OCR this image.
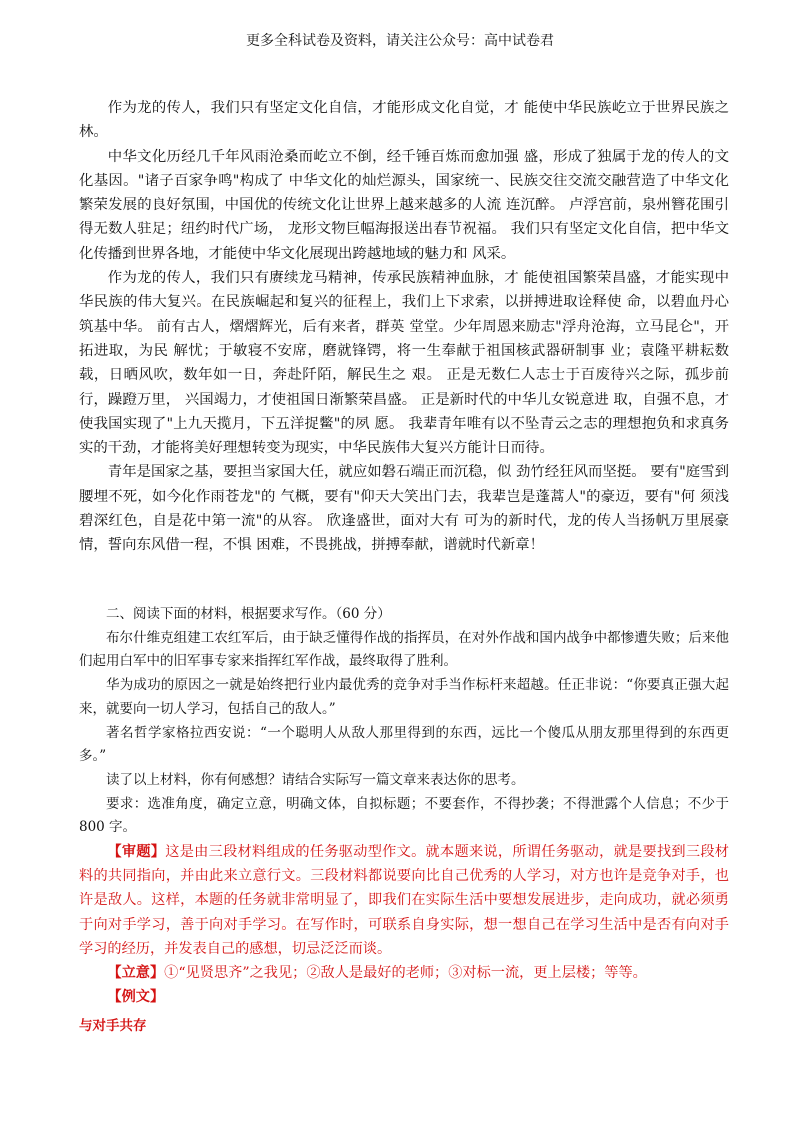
更多全科试卷及资料，请关注公众号：高中试卷君

作为龙的传人，我们只有坚定文化自信，才能形成文化自觉，才 能使中华民族屹立于世界民族之林。

中华文化历经几千年风雨沧桑而屹立不倒，经千锤百炼而愈加强 盛，形成了独属于龙的传人的文化基因。"诸子百家争鸣"构成了 中华文化的灿烂源头，国家统一、民族交往交流交融营造了中华文化繁荣发展的良好氛围，中国优的传统文化让世界上越来越多的人流 连沉醉。 卢浮宫前，泉州簪花围引得无数人驻足；纽约时代广场， 龙形文物巨幅海报送出春节祝福。 我们只有坚定文化自信，把中华文化传播到世界各地，才能使中华文化展现出跨越地域的魅力和 风采。

作为龙的传人，我们只有赓续龙马精神，传承民族精神血脉，才 能使祖国繁荣昌盛，才能实现中华民族的伟大复兴。在民族崛起和复兴的征程上，我们上下求索，以拼搏进取诠释使 命，以碧血丹心筑基中华。 前有古人，熠熠辉光，后有来者，群英 堂堂。少年周恩来励志"浮舟沧海，立马昆仑"，开拓进取，为民 解忧；于敏寝不安席，磨就锋锷，将一生奉献于祖国核武器研制事 业；袁隆平耕耘数载，日晒风吹，数年如一日，奔赴阡陌，解民生之 艰。 正是无数仁人志士于百废待兴之际，孤步前行，躁蹬万里， 兴国竭力，才使祖国日渐繁荣昌盛。 正是新时代的中华儿女锐意进 取，自强不息，才使我国实现了"上九天揽月，下五洋捉鳖"的夙 愿。 我辈青年唯有以不坠青云之志的理想抱负和求真务实的干劲，才能将美好理想转变为现实，中华民族伟大复兴方能计日而待。

青年是国家之基，要担当家国大任，就应如磐石端正而沉稳，似 劲竹经狂风而坚挺。 要有"庭雪到腰埋不死，如今化作雨苍龙"的 气概，要有"仰天大笑出门去，我辈岂是蓬蒿人"的豪迈，要有"何 须浅碧深红色，自是花中第一流"的从容。 欣逢盛世，面对大有 可为的新时代，龙的传人当扬帆万里展豪情，誓向东风借一程，不惧 困难，不畏挑战，拼搏奉献，谱就时代新章！

二、阅读下面的材料，根据要求写作。（60 分）

布尔什维克组建工农红军后，由于缺乏懂得作战的指挥员，在对外作战和国内战争中都惨遭失败；后来他们起用白军中的旧军事专家来指挥红军作战，最终取得了胜利。

华为成功的原因之一就是始终把行业内最优秀的竞争对手当作标杆来超越。任正非说：“你要真正强大起来，就要向一切人学习，包括自己的敌人。”

著名哲学家格拉西安说：“一个聪明人从敌人那里得到的东西，远比一个傻瓜从朋友那里得到的东西更多。”

读了以上材料，你有何感想？请结合实际写一篇文章来表达你的思考。

要求：选准角度，确定立意，明确文体，自拟标题；不要套作，不得抄袭；不得泄露个人信息；不少于 800 字。

【审题】这是由三段材料组成的任务驱动型作文。就本题来说，所谓任务驱动，就是要找到三段材料的共同指向，并由此来立意行文。三段材料都说要向比自己优秀的人学习，对方也许是竞争对手，也许是敌人。这样，本题的任务就非常明显了，即我们在实际生活中要想发展进步，走向成功，就必须勇于向对手学习，善于向对手学习。在写作时，可联系自身实际，想一想自己在学习生活中是否有向对手学习的经历，并发表自己的感想，切忌泛泛而谈。

【立意】①“见贤思齐”之我见；②敌人是最好的老师；③对标一流，更上层楼；等等。

【例文】

与对手共存
